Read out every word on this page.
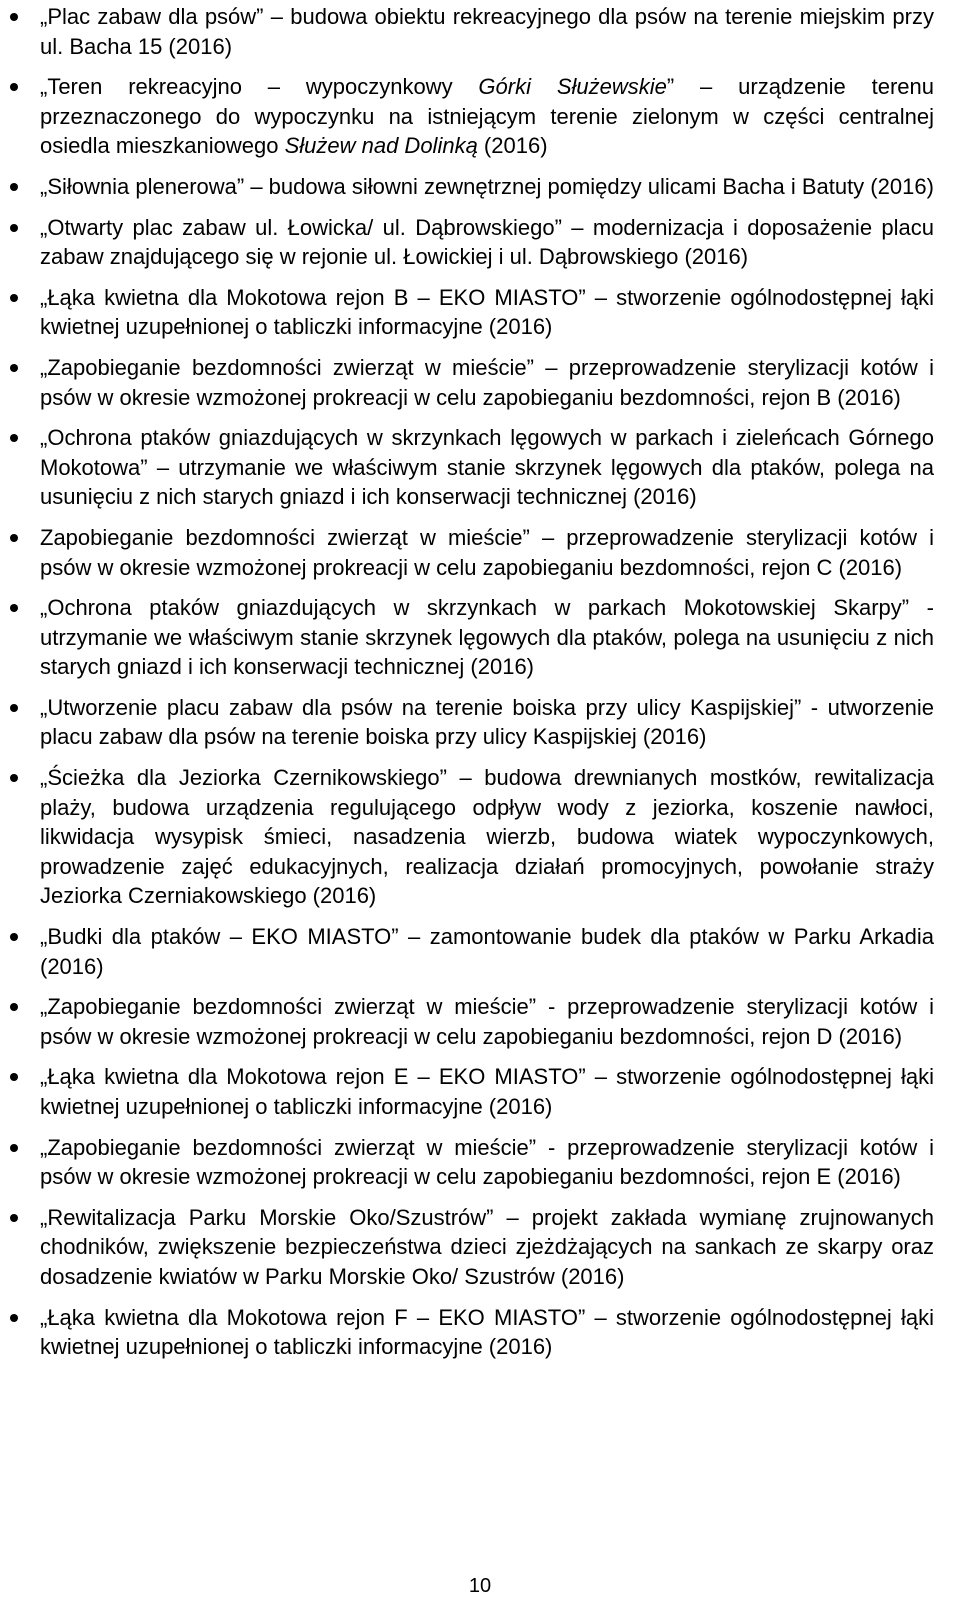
„Plac zabaw dla psów” – budowa obiektu rekreacyjnego dla psów na terenie miejskim przy ul. Bacha 15 (2016)
„Teren rekreacyjno – wypoczynkowy Górki Służewskie” – urządzenie terenu przeznaczonego do wypoczynku na istniejącym terenie zielonym w części centralnej osiedla mieszkaniowego Służew nad Dolinką (2016)
„Siłownia plenerowa” – budowa siłowni zewnętrznej pomiędzy ulicami Bacha i Batuty (2016)
„Otwarty plac zabaw ul. Łowicka/ ul. Dąbrowskiego” – modernizacja i doposażenie placu zabaw znajdującego się w rejonie ul. Łowickiej i ul. Dąbrowskiego (2016)
„Łąka kwietna dla Mokotowa rejon B – EKO MIASTO” – stworzenie ogólnodostępnej łąki kwietnej uzupełnionej o tabliczki informacyjne (2016)
„Zapobieganie bezdomności zwierząt w mieście” – przeprowadzenie sterylizacji kotów i psów w okresie wzmożonej prokreacji w celu zapobieganiu bezdomności, rejon B (2016)
„Ochrona ptaków gniazdujących w skrzynkach lęgowych w parkach i zieleńcach Górnego Mokotowa” – utrzymanie we właściwym stanie skrzynek lęgowych dla ptaków, polega na usunięciu z nich starych gniazd i ich konserwacji technicznej (2016)
Zapobieganie bezdomności zwierząt w mieście” – przeprowadzenie sterylizacji kotów i psów w okresie wzmożonej prokreacji w celu zapobieganiu bezdomności, rejon C (2016)
„Ochrona ptaków gniazdujących w skrzynkach w parkach Mokotowskiej Skarpy” - utrzymanie we właściwym stanie skrzynek lęgowych dla ptaków, polega na usunięciu z nich starych gniazd i ich konserwacji technicznej (2016)
„Utworzenie placu zabaw dla psów na terenie boiska przy ulicy Kaspijskiej” - utworzenie placu zabaw dla psów na terenie boiska przy ulicy Kaspijskiej (2016)
„Ścieżka dla Jeziorka Czernikowskiego” – budowa drewnianych mostków, rewitalizacja plaży, budowa urządzenia regulującego odpływ wody z jeziorka, koszenie nawłoci, likwidacja wysypisk śmieci, nasadzenia wierzb, budowa wiatek wypoczynkowych, prowadzenie zajęć edukacyjnych, realizacja działań promocyjnych, powołanie straży Jeziorka Czerniakowskiego (2016)
„Budki dla ptaków – EKO MIASTO” – zamontowanie budek dla ptaków w Parku Arkadia (2016)
„Zapobieganie bezdomności zwierząt w mieście” - przeprowadzenie sterylizacji kotów i psów w okresie wzmożonej prokreacji w celu zapobieganiu bezdomności, rejon D (2016)
„Łąka kwietna dla Mokotowa rejon E – EKO MIASTO” – stworzenie ogólnodostępnej łąki kwietnej uzupełnionej o tabliczki informacyjne (2016)
„Zapobieganie bezdomności zwierząt w mieście” - przeprowadzenie sterylizacji kotów i psów w okresie wzmożonej prokreacji w celu zapobieganiu bezdomności, rejon E (2016)
„Rewitalizacja Parku Morskie Oko/Szustrów” – projekt zakłada wymianę zrujnowanych chodników, zwiększenie bezpieczeństwa dzieci zjeżdżających na sankach ze skarpy oraz dosadzenie kwiatów w Parku Morskie Oko/ Szustrów (2016)
„Łąka kwietna dla Mokotowa rejon F – EKO MIASTO” – stworzenie ogólnodostępnej łąki kwietnej uzupełnionej o tabliczki informacyjne (2016)
10
